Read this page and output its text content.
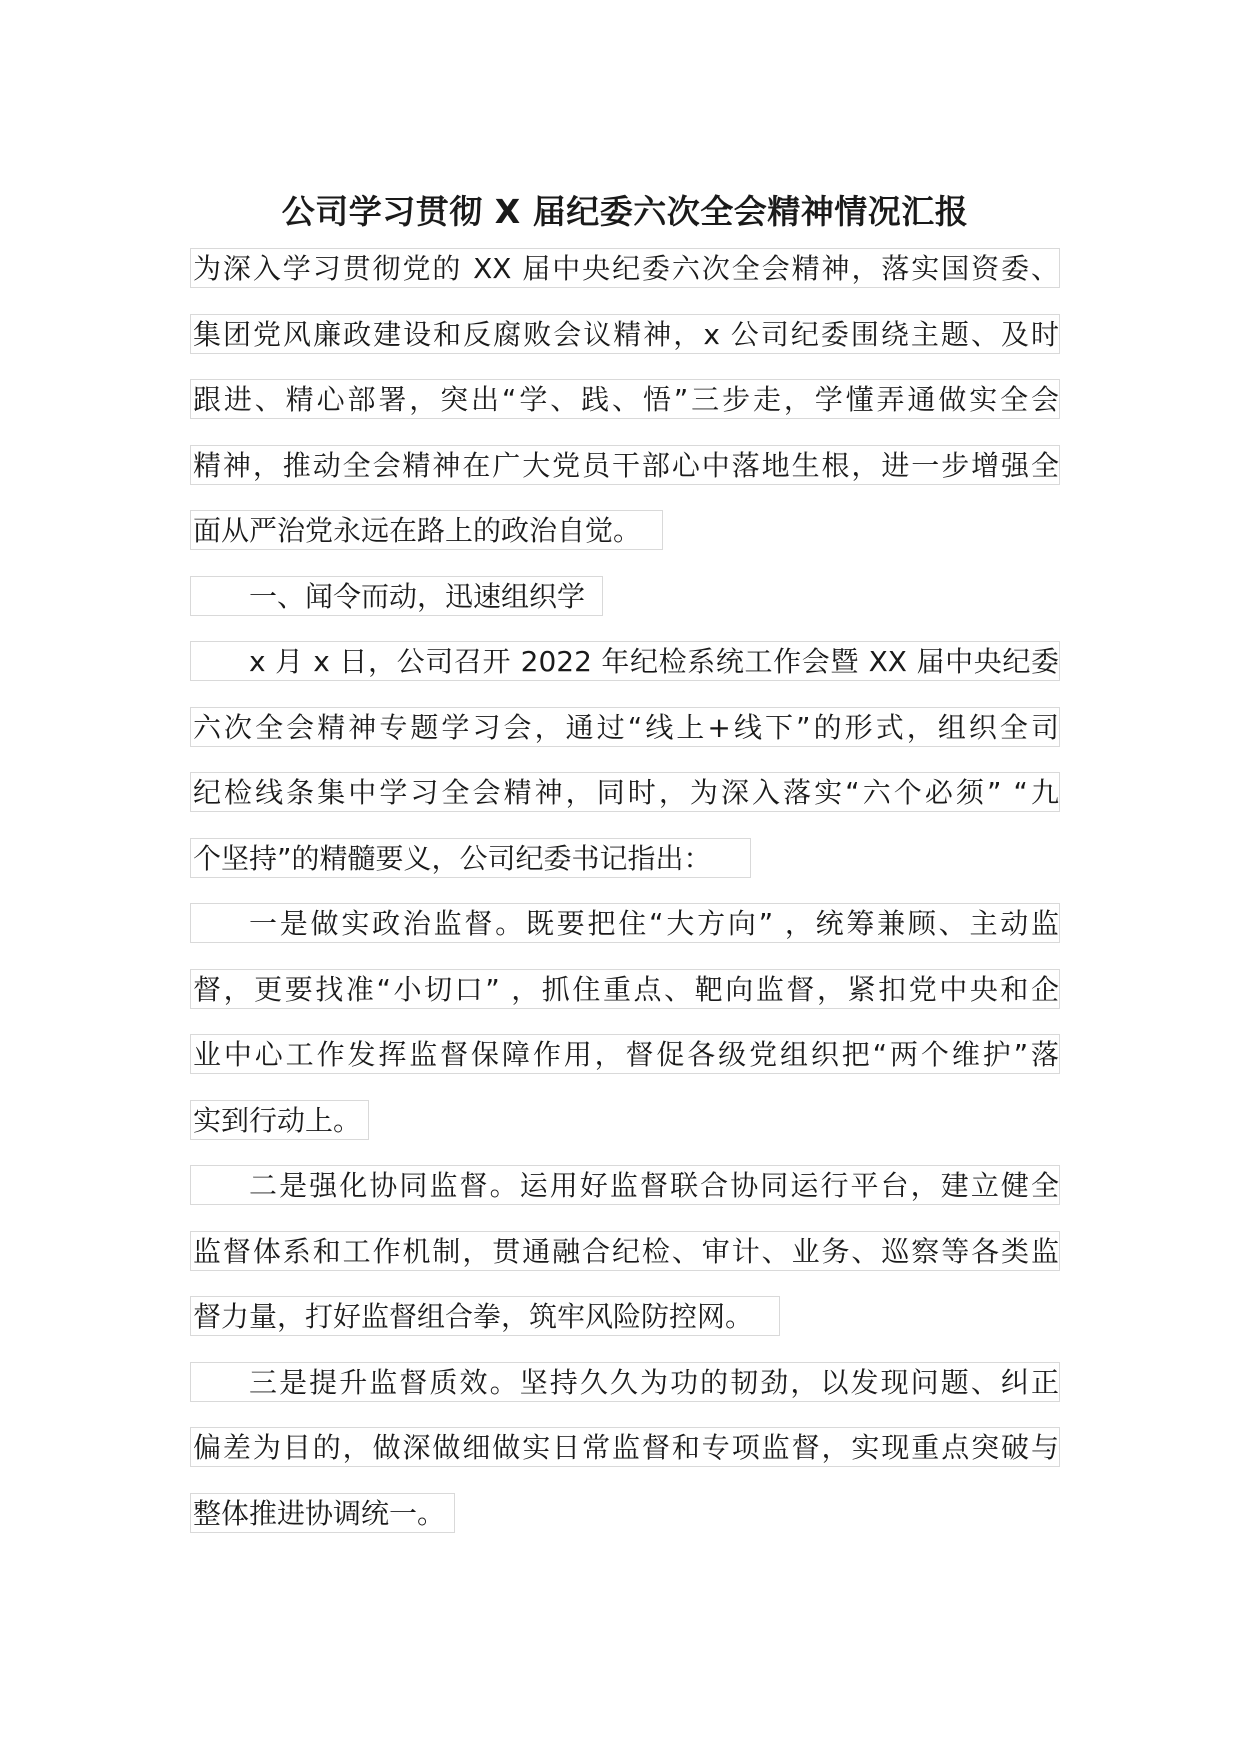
公司学习贯彻 X 届纪委六次全会精神情况汇报
为深入学习贯彻党的 XX 届中央纪委六次全会精神，落实国资委、
集团党风廉政建设和反腐败会议精神，x 公司纪委围绕主题、及时
跟进、精心部署，突出“学、践、悟”三步走，学懂弄通做实全会
精神，推动全会精神在广大党员干部心中落地生根，进一步增强全
面从严治党永远在路上的政治自觉。
一、闻令而动，迅速组织学
x 月 x 日，公司召开 2022 年纪检系统工作会暨 XX 届中央纪委
六次全会精神专题学习会，通过“线上+线下”的形式，组织全司
纪检线条集中学习全会精神，同时，为深入落实“六个必须” “九
个坚持”的精髓要义，公司纪委书记指出：
一是做实政治监督。既要把住“大方向” ，统筹兼顾、主动监
督，更要找准“小切口” ，抓住重点、靶向监督，紧扣党中央和企
业中心工作发挥监督保障作用，督促各级党组织把“两个维护”落
实到行动上。
二是强化协同监督。运用好监督联合协同运行平台，建立健全
监督体系和工作机制，贯通融合纪检、审计、业务、巡察等各类监
督力量，打好监督组合拳，筑牢风险防控网。
三是提升监督质效。坚持久久为功的韧劲，以发现问题、纠正
偏差为目的，做深做细做实日常监督和专项监督，实现重点突破与
整体推进协调统一。
